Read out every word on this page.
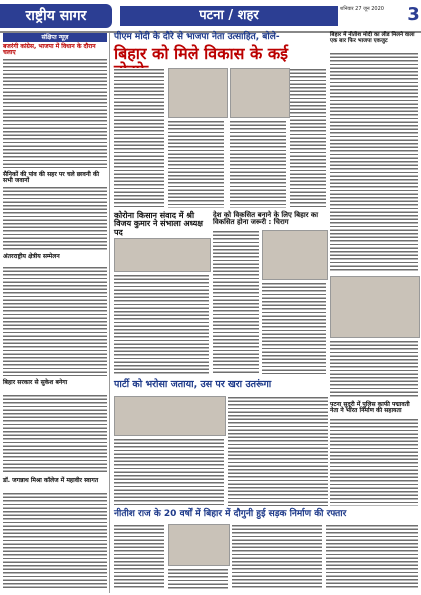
राष्ट्रीय सागर	पटना / शहर	शनिवार 27 जून 2020	3
संक्षिप्त न्यूज़
बजरंगी कांग्रेस, भाजपा में विधान के दौरान चलाए
सैनिकों की पांव की सहर पर चले छावनी की सभी जवानों
अंतरराष्ट्रीय क्षेत्रीय सम्मेलन
बिहार सरकार से सुकेश बनेगा
डॉ. जगन्नाथ मिश्रा कॉलेज में महावीर स्वागत
पीएम मोदी के दौरे से भाजपा नेता उत्साहित, बोले-
बिहार को मिले विकास के कई
बिहार में नीतीश मोदी का लीड मिलने वाला एक बार फिर भाजपा एकजुट
कोरोना किसान संवाद में श्री विजय कुमार ने संभाला अध्यक्ष पद
देश को विकसित बनाने के लिए बिहार का विकसित होना जरूरी : चिराग
पार्टी को भरोसा जताया, उस पर खरा उतरूंगा
पटना सुदूरी में पुलिस काफी पद्मावती नेता ने भारत निर्माण की सहायता
नीतीश राज के 20 वर्षों में बिहार में दौगुनी हुई सड़क निर्माण की रफ्तार
